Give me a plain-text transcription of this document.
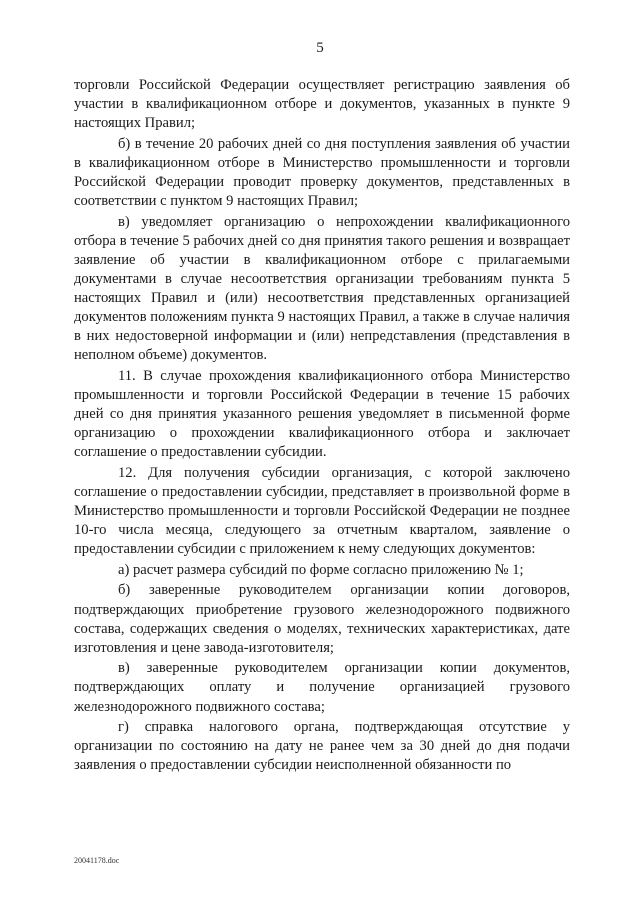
5

торговли Российской Федерации осуществляет регистрацию заявления об участии в квалификационном отборе и документов, указанных в пункте 9 настоящих Правил;

б) в течение 20 рабочих дней со дня поступления заявления об участии в квалификационном отборе в Министерство промышленности и торговли Российской Федерации проводит проверку документов, представленных в соответствии с пунктом 9 настоящих Правил;

в) уведомляет организацию о непрохождении квалификационного отбора в течение 5 рабочих дней со дня принятия такого решения и возвращает заявление об участии в квалификационном отборе с прилагаемыми документами в случае несоответствия организации требованиям пункта 5 настоящих Правил и (или) несоответствия представленных организацией документов положениям пункта 9 настоящих Правил, а также в случае наличия в них недостоверной информации и (или) непредставления (представления в неполном объеме) документов.

11. В случае прохождения квалификационного отбора Министерство промышленности и торговли Российской Федерации в течение 15 рабочих дней со дня принятия указанного решения уведомляет в письменной форме организацию о прохождении квалификационного отбора и заключает соглашение о предоставлении субсидии.

12. Для получения субсидии организация, с которой заключено соглашение о предоставлении субсидии, представляет в произвольной форме в Министерство промышленности и торговли Российской Федерации не позднее 10-го числа месяца, следующего за отчетным кварталом, заявление о предоставлении субсидии с приложением к нему следующих документов:

а) расчет размера субсидий по форме согласно приложению № 1;

б) заверенные руководителем организации копии договоров, подтверждающих приобретение грузового железнодорожного подвижного состава, содержащих сведения о моделях, технических характеристиках, дате изготовления и цене завода-изготовителя;

в) заверенные руководителем организации копии документов, подтверждающих оплату и получение организацией грузового железнодорожного подвижного состава;

г) справка налогового органа, подтверждающая отсутствие у организации по состоянию на дату не ранее чем за 30 дней до дня подачи заявления о предоставлении субсидии неисполненной обязанности по

20041178.doc
